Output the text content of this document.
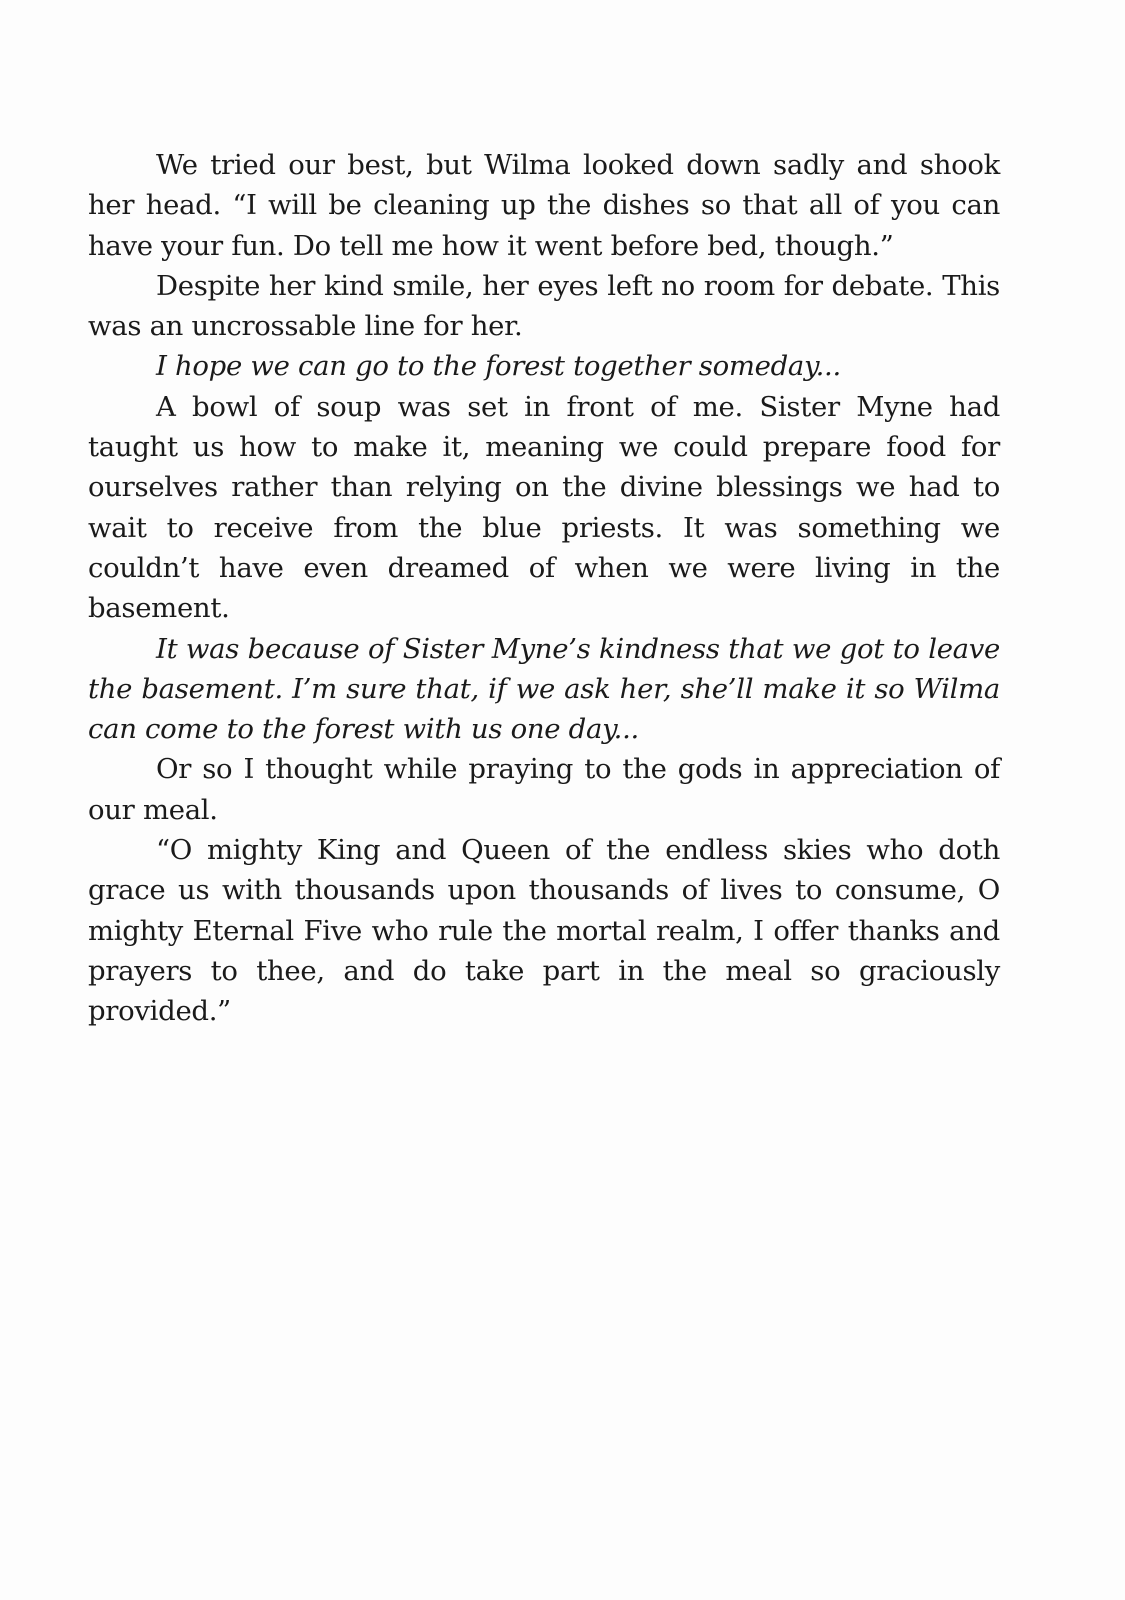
We tried our best, but Wilma looked down sadly and shook her head. “I will be cleaning up the dishes so that all of you can have your fun. Do tell me how it went before bed, though.”

Despite her kind smile, her eyes left no room for debate. This was an uncrossable line for her.

I hope we can go to the forest together someday...

A bowl of soup was set in front of me. Sister Myne had taught us how to make it, meaning we could prepare food for ourselves rather than relying on the divine blessings we had to wait to receive from the blue priests. It was something we couldn’t have even dreamed of when we were living in the basement.

It was because of Sister Myne’s kindness that we got to leave the basement. I’m sure that, if we ask her, she’ll make it so Wilma can come to the forest with us one day...

Or so I thought while praying to the gods in appreciation of our meal.

“O mighty King and Queen of the endless skies who doth grace us with thousands upon thousands of lives to consume, O mighty Eternal Five who rule the mortal realm, I offer thanks and prayers to thee, and do take part in the meal so graciously provided.”
